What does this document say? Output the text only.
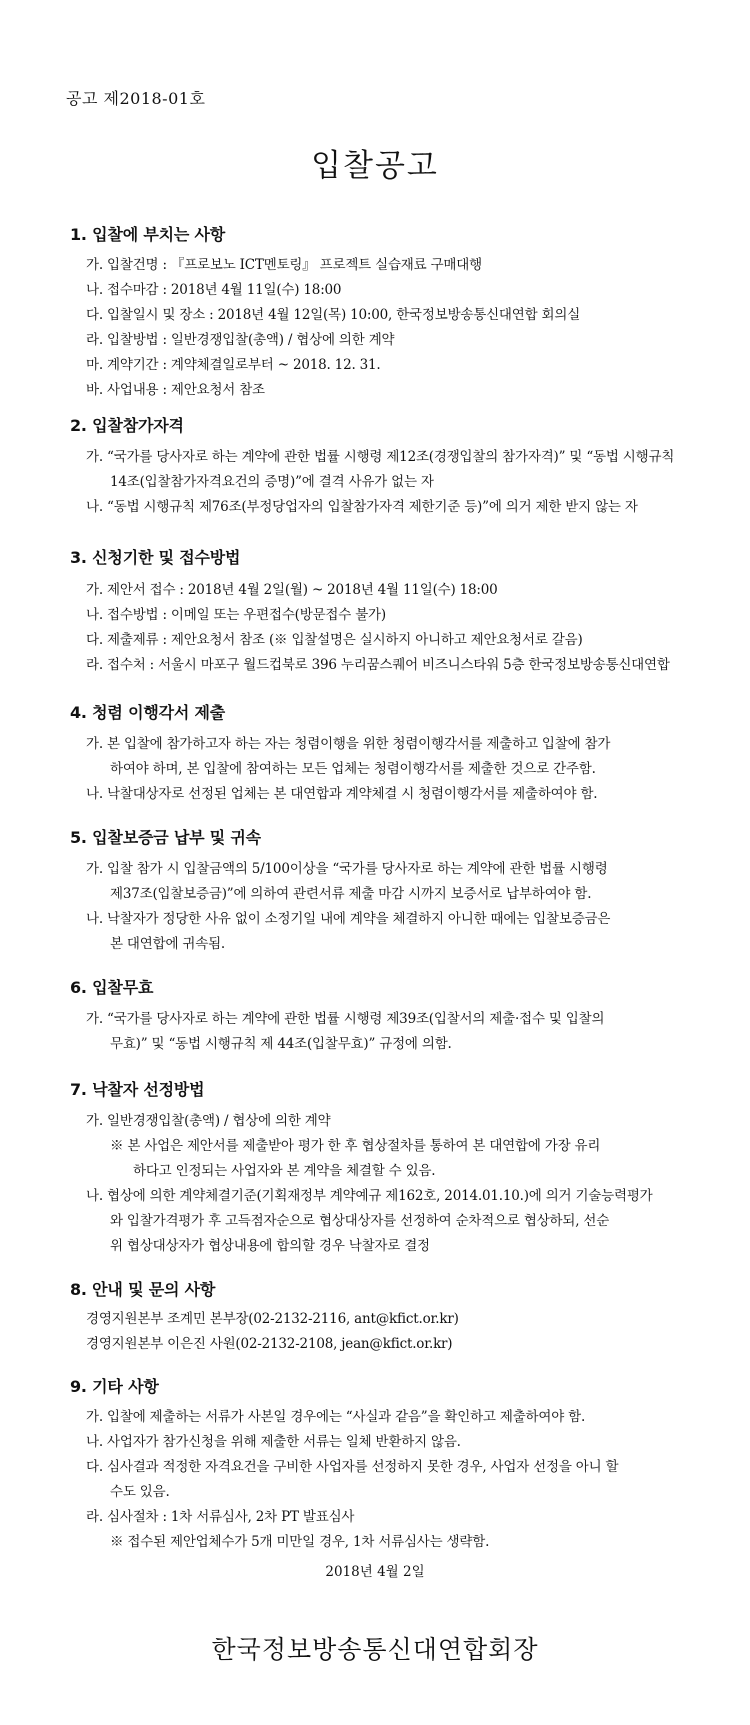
공고 제2018-01호
입찰공고
1. 입찰에 부치는 사항
가. 입찰건명 : 『프로보노 ICT멘토링』 프로젝트 실습재료 구매대행
나. 접수마감 : 2018년 4월 11일(수) 18:00
다. 입찰일시 및 장소 : 2018년 4월 12일(목) 10:00, 한국정보방송통신대연합 회의실
라. 입찰방법 : 일반경쟁입찰(총액) / 협상에 의한 계약
마. 계약기간 : 계약체결일로부터 ~ 2018. 12. 31.
바. 사업내용 : 제안요청서 참조
2. 입찰참가자격
가. “국가를 당사자로 하는 계약에 관한 법률 시행령 제12조(경쟁입찰의 참가자격)” 및 “동법 시행규칙
14조(입찰참가자격요건의 증명)”에 결격 사유가 없는 자
나. “동법 시행규칙 제76조(부정당업자의 입찰참가자격 제한기준 등)”에 의거 제한 받지 않는 자
3. 신청기한 및 접수방법
가. 제안서 접수 : 2018년 4월 2일(월) ~ 2018년 4월 11일(수) 18:00
나. 접수방법 : 이메일 또는 우편접수(방문접수 불가)
다. 제출제류 : 제안요청서 참조 (※ 입찰설명은 실시하지 아니하고 제안요청서로 갈음)
라. 접수처 : 서울시 마포구 월드컵북로 396 누리꿈스퀘어 비즈니스타워 5층 한국정보방송통신대연합
4. 청렴 이행각서 제출
가. 본 입찰에 참가하고자 하는 자는 청렴이행을 위한 청렴이행각서를 제출하고 입찰에 참가
하여야 하며, 본 입찰에 참여하는 모든 업체는 청렴이행각서를 제출한 것으로 간주함.
나. 낙찰대상자로 선정된 업체는 본 대연합과 계약체결 시 청렴이행각서를 제출하여야 함.
5. 입찰보증금 납부 및 귀속
가. 입찰 참가 시 입찰금액의 5/100이상을 “국가를 당사자로 하는 계약에 관한 법률 시행령
제37조(입찰보증금)”에 의하여 관련서류 제출 마감 시까지 보증서로 납부하여야 함.
나. 낙찰자가 정당한 사유 없이 소정기일 내에 계약을 체결하지 아니한 때에는 입찰보증금은
본 대연합에 귀속됨.
6. 입찰무효
가. “국가를 당사자로 하는 계약에 관한 법률 시행령 제39조(입찰서의 제출·접수 및 입찰의
무효)” 및 “동법 시행규칙 제 44조(입찰무효)” 규정에 의함.
7. 낙찰자 선정방법
가. 일반경쟁입찰(총액) / 협상에 의한 계약
※ 본 사업은 제안서를 제출받아 평가 한 후 협상절차를 통하여 본 대연합에 가장 유리
하다고 인정되는 사업자와 본 계약을 체결할 수 있음.
나. 협상에 의한 계약체결기준(기획재정부 계약예규 제162호, 2014.01.10.)에 의거 기술능력평가
와 입찰가격평가 후 고득점자순으로 협상대상자를 선정하여 순차적으로 협상하되, 선순
위 협상대상자가 협상내용에 합의할 경우 낙찰자로 결정
8. 안내 및 문의 사항
경영지원본부 조계민 본부장(02-2132-2116, ant@kfict.or.kr)
경영지원본부 이은진 사원(02-2132-2108, jean@kfict.or.kr)
9. 기타 사항
가. 입찰에 제출하는 서류가 사본일 경우에는 “사실과 같음”을 확인하고 제출하여야 함.
나. 사업자가 참가신청을 위해 제출한 서류는 일체 반환하지 않음.
다. 심사결과 적정한 자격요건을 구비한 사업자를 선정하지 못한 경우, 사업자 선정을 아니 할
수도 있음.
라. 심사절차 : 1차 서류심사, 2차 PT 발표심사
※ 접수된 제안업체수가 5개 미만일 경우, 1차 서류심사는 생략함.
2018년 4월 2일
한국정보방송통신대연합회장
